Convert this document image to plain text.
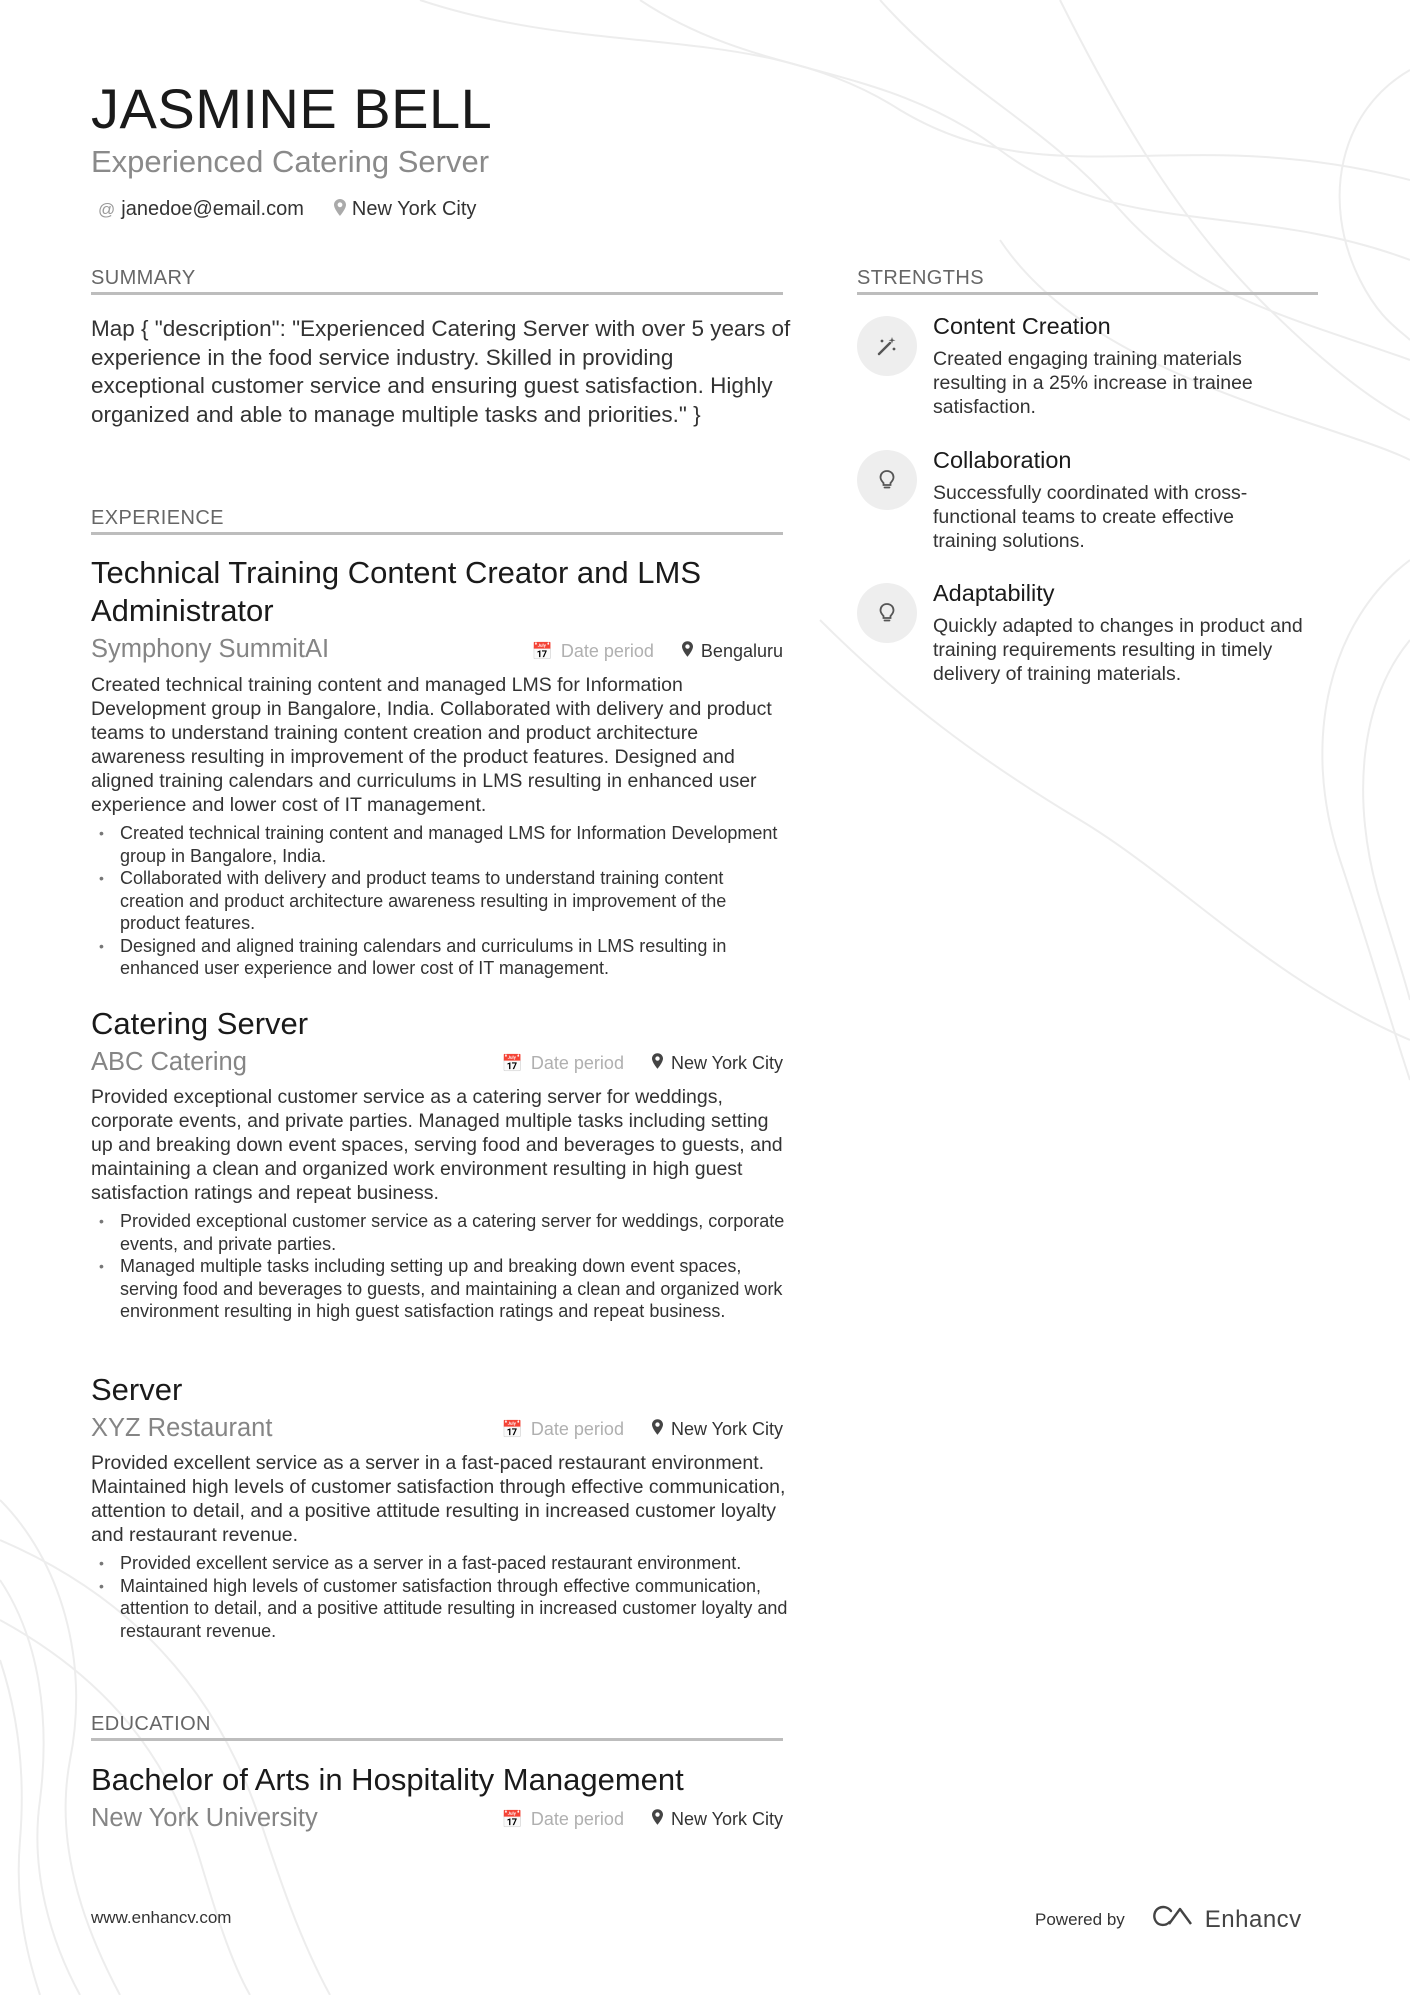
JASMINE BELL
Experienced Catering Server
@ janedoe@email.com New York City
SUMMARY
Map { "description": "Experienced Catering Server with over 5 years of experience in the food service industry. Skilled in providing exceptional customer service and ensuring guest satisfaction. Highly organized and able to manage multiple tasks and priorities." }
EXPERIENCE
Technical Training Content Creator and LMS Administrator
Symphony SummitAI	📅 Date period	Bengaluru
Created technical training content and managed LMS for Information Development group in Bangalore, India. Collaborated with delivery and product teams to understand training content creation and product architecture awareness resulting in improvement of the product features. Designed and aligned training calendars and curriculums in LMS resulting in enhanced user experience and lower cost of IT management.
• Created technical training content and managed LMS for Information Development group in Bangalore, India.
• Collaborated with delivery and product teams to understand training content creation and product architecture awareness resulting in improvement of the product features.
• Designed and aligned training calendars and curriculums in LMS resulting in enhanced user experience and lower cost of IT management.
Catering Server
ABC Catering	📅 Date period	New York City
Provided exceptional customer service as a catering server for weddings, corporate events, and private parties. Managed multiple tasks including setting up and breaking down event spaces, serving food and beverages to guests, and maintaining a clean and organized work environment resulting in high guest satisfaction ratings and repeat business.
• Provided exceptional customer service as a catering server for weddings, corporate events, and private parties.
• Managed multiple tasks including setting up and breaking down event spaces, serving food and beverages to guests, and maintaining a clean and organized work environment resulting in high guest satisfaction ratings and repeat business.
Server
XYZ Restaurant	📅 Date period	New York City
Provided excellent service as a server in a fast-paced restaurant environment. Maintained high levels of customer satisfaction through effective communication, attention to detail, and a positive attitude resulting in increased customer loyalty and restaurant revenue.
• Provided excellent service as a server in a fast-paced restaurant environment.
• Maintained high levels of customer satisfaction through effective communication, attention to detail, and a positive attitude resulting in increased customer loyalty and restaurant revenue.
EDUCATION
Bachelor of Arts in Hospitality Management
New York University	📅 Date period	New York City
STRENGTHS
Content Creation
Created engaging training materials resulting in a 25% increase in trainee satisfaction.
Collaboration
Successfully coordinated with cross-functional teams to create effective training solutions.
Adaptability
Quickly adapted to changes in product and training requirements resulting in timely delivery of training materials.
www.enhancv.com	Powered by	Enhancv
